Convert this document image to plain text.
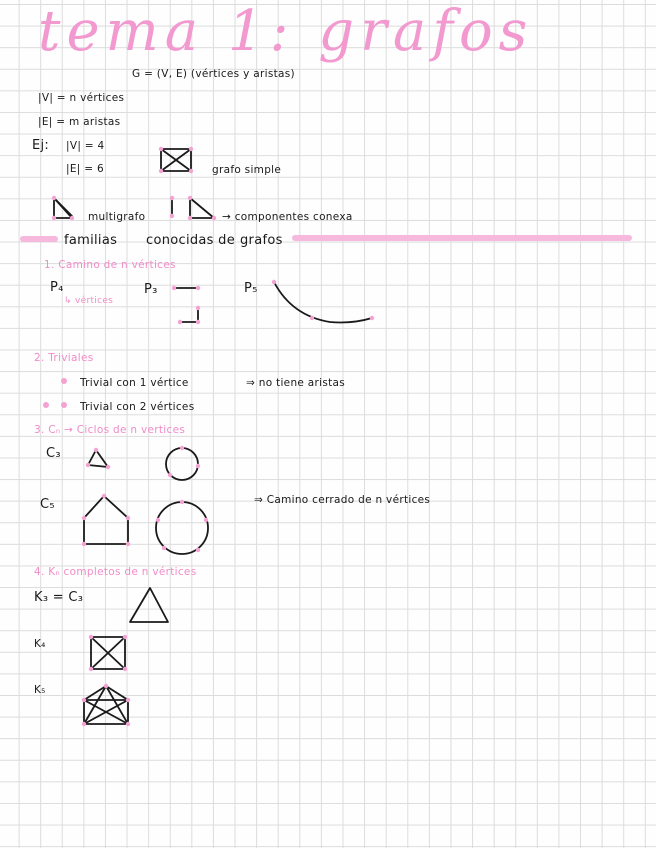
tema 1: grafos
G = (V, E) (vértices y aristas)
|V| = n vértices
|E| = m aristas
Ej: |V| = 4
|E| = 6	grafo simple
multigrafo	→ componentes conexa
familias conocidas de grafos
1. Camino de n vértices
P₄
↳ vértices
P₃	P₅
2. Triviales
Trivial con 1 vértice	⇒ no tiene aristas
Trivial con 2 vértices
3. Cₙ → Ciclos de n vertices
C₃
C₅	⇒ Camino cerrado de n vértices
4. Kₙ completos de n vértices
K₃ = C₃
K₄
K₅
